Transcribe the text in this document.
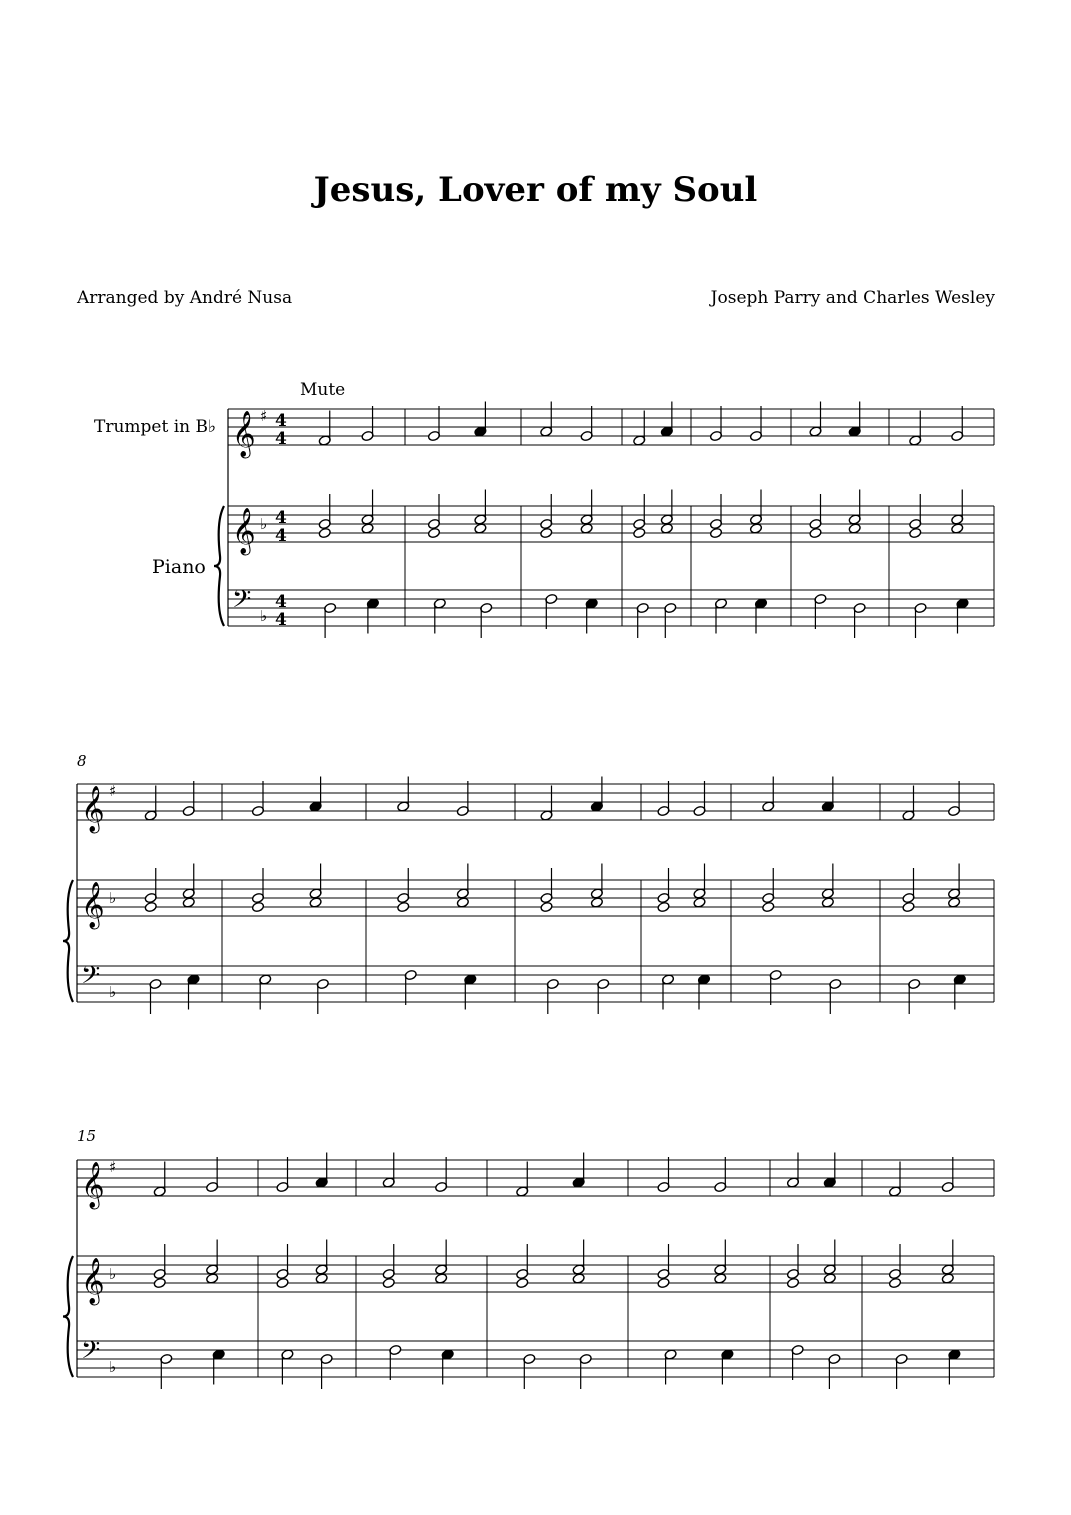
Jesus, Lover of my Soul
Arranged by André Nusa	Joseph Parry and Charles Wesley
𝄞
𝄞
𝄢
♯
♭
♭
4
4
4
4
4
4
𝄞
𝄞
𝄢
♯
♭
♭
𝄞
𝄞
𝄢
♯
♭
♭
Mute
Trumpet in B♭
Piano
8
15
